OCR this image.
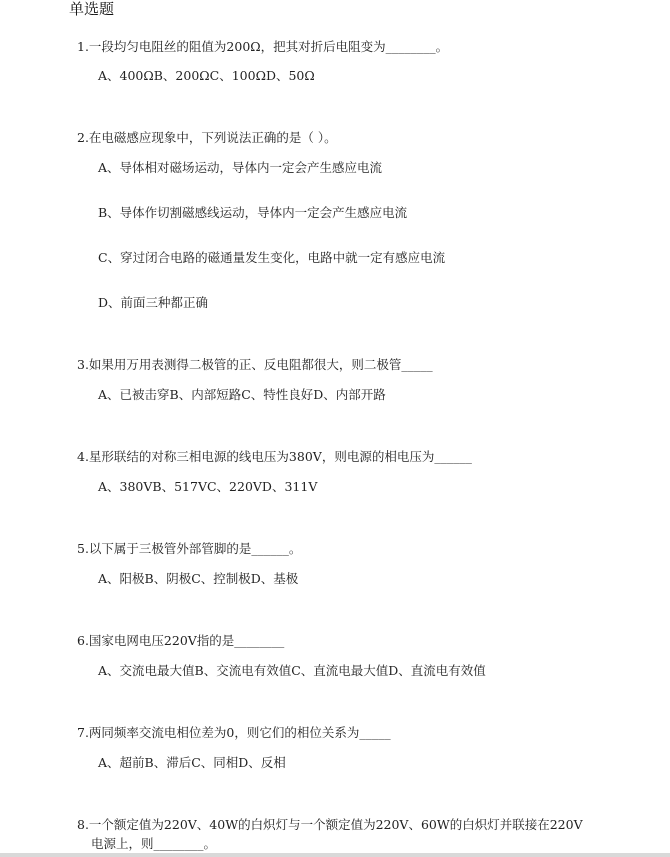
单选题
1.一段均匀电阻丝的阻值为200Ω，把其对折后电阻变为________。
A、400ΩB、200ΩC、100ΩD、50Ω
2.在电磁感应现象中，下列说法正确的是（ ）。
A、导体相对磁场运动，导体内一定会产生感应电流
B、导体作切割磁感线运动，导体内一定会产生感应电流
C、穿过闭合电路的磁通量发生变化，电路中就一定有感应电流
D、前面三种都正确
3.如果用万用表测得二极管的正、反电阻都很大，则二极管_____
A、已被击穿B、内部短路C、特性良好D、内部开路
4.星形联结的对称三相电源的线电压为380V，则电源的相电压为______
A、380VB、517VC、220VD、311V
5.以下属于三极管外部管脚的是______。
A、阳极B、阴极C、控制极D、基极
6.国家电网电压220V指的是________
A、交流电最大值B、交流电有效值C、直流电最大值D、直流电有效值
7.两同频率交流电相位差为0，则它们的相位关系为_____
A、超前B、滞后C、同相D、反相
8.一个额定值为220V、40W的白炽灯与一个额定值为220V、60W的白炽灯并联接在220V
电源上，则________。
